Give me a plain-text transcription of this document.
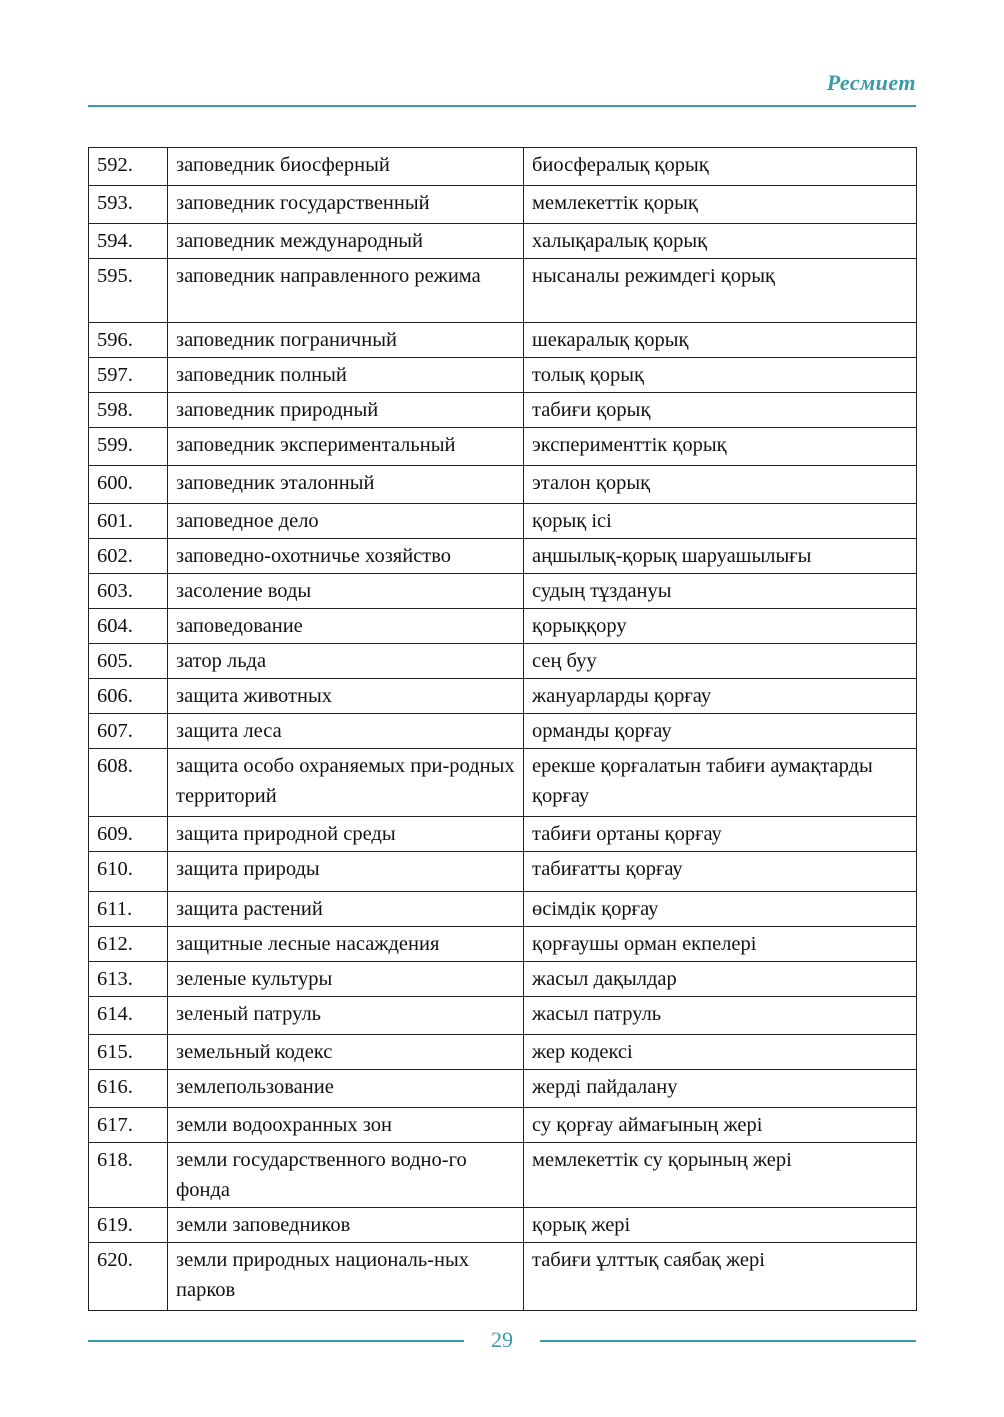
Ресмиет
592.	заповедник биосферный	биосфералық қорық
593.	заповедник государственный	мемлекеттік қорық
594.	заповедник международный	халықаралық қорық
595.	заповедник направленного режима	нысаналы режимдегі қорық
596.	заповедник пограничный	шекаралық қорық
597.	заповедник полный	толық қорық
598.	заповедник природный	табиғи қорық
599.	заповедник экспериментальный	эксперименттік қорық
600.	заповедник эталонный	эталон қорық
601.	заповедное дело	қорық ісі
602.	заповедно-охотничье хозяйство	аңшылық-қорық шаруашылығы
603.	засоление воды	судың тұздануы
604.	заповедование	қорыққору
605.	затор льда	сең буу
606.	защита животных	жануарларды қорғау
607.	защита леса	орманды қорғау
608.	защита особо охраняемых при-родных территорий	ерекше қорғалатын табиғи аумақтарды қорғау
609.	защита природной среды	табиғи ортаны қорғау
610.	защита природы	табиғатты қорғау
611.	защита растений	өсімдік қорғау
612.	защитные лесные насаждения	қорғаушы орман екпелері
613.	зеленые культуры	жасыл дақылдар
614.	зеленый патруль	жасыл патруль
615.	земельный кодекс	жер кодексі
616.	землепользование	жерді пайдалану
617.	земли водоохранных зон	су қорғау аймағының жері
618.	земли государственного водно-го фонда	мемлекеттік су қорының жері
619.	земли заповедников	қорық жері
620.	земли природных националь-ных парков	табиғи ұлттық саябақ жері
29
